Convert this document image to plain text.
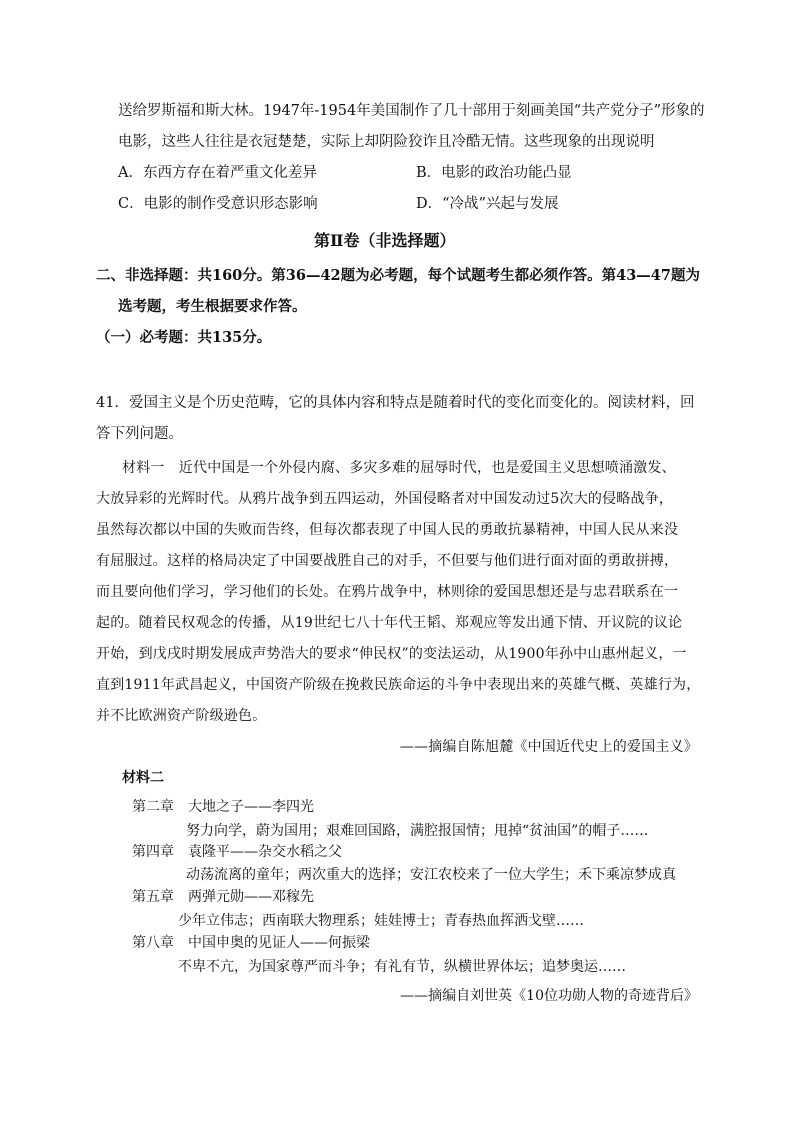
送给罗斯福和斯大林。1947年-1954年美国制作了几十部用于刻画美国“共产党分子”形象的
电影，这些人往往是衣冠楚楚，实际上却阴险狡诈且冷酷无情。这些现象的出现说明
A．东西方存在着严重文化差异	B．电影的政治功能凸显
C．电影的制作受意识形态影响	D．“冷战”兴起与发展
第Ⅱ卷（非选择题）
二、非选择题：共160分。第36—42题为必考题，每个试题考生都必须作答。第43—47题为
选考题，考生根据要求作答。
（一）必考题：共135分。
41．爱国主义是个历史范畴，它的具体内容和特点是随着时代的变化而变化的。阅读材料，回
答下列问题。
材料一　近代中国是一个外侵内腐、多灾多难的屈辱时代，也是爱国主义思想喷涌激发、
大放异彩的光辉时代。从鸦片战争到五四运动，外国侵略者对中国发动过5次大的侵略战争，
虽然每次都以中国的失败而告终，但每次都表现了中国人民的勇敢抗暴精神，中国人民从来没
有屈服过。这样的格局决定了中国要战胜自己的对手，不但要与他们进行面对面的勇敢拼搏，
而且要向他们学习，学习他们的长处。在鸦片战争中，林则徐的爱国思想还是与忠君联系在一
起的。随着民权观念的传播，从19世纪七八十年代王韬、郑观应等发出通下情、开议院的议论
开始，到戊戌时期发展成声势浩大的要求“伸民权”的变法运动，从1900年孙中山惠州起义，一
直到1911年武昌起义，中国资产阶级在挽救民族命运的斗争中表现出来的英雄气概、英雄行为，
并不比欧洲资产阶级逊色。
——摘编自陈旭麓《中国近代史上的爱国主义》
材料二
第二章　大地之子——李四光
努力向学，蔚为国用；艰难回国路，满腔报国情；甩掉“贫油国”的帽子……
第四章　袁隆平——杂交水稻之父
动荡流离的童年；两次重大的选择；安江农校来了一位大学生；禾下乘凉梦成真
第五章　两弹元勋——邓稼先
少年立伟志；西南联大物理系；娃娃博士；青春热血挥洒戈壁……
第八章　中国申奥的见证人——何振梁
不卑不亢，为国家尊严而斗争；有礼有节，纵横世界体坛；追梦奥运……
——摘编自刘世英《10位功勋人物的奇迹背后》
